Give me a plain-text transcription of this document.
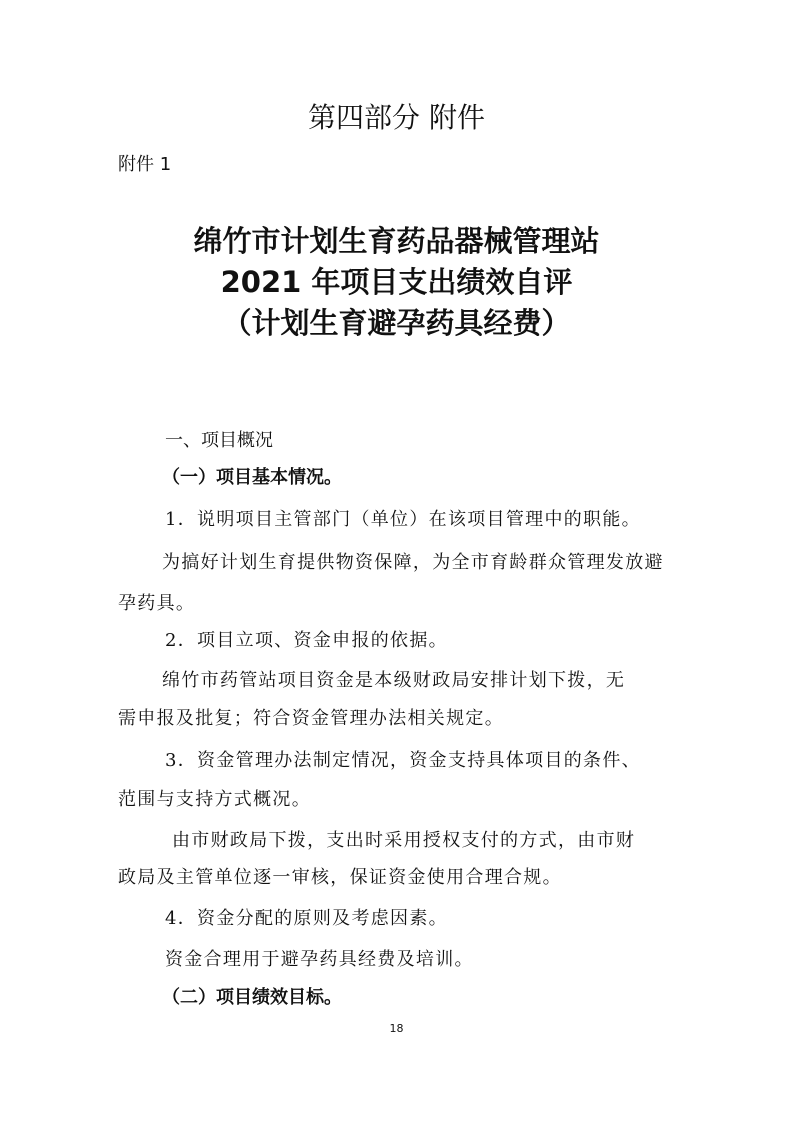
第四部分 附件
附件 1
绵竹市计划生育药品器械管理站
2021 年项目支出绩效自评
（计划生育避孕药具经费）
一、项目概况
（一）项目基本情况。
1．说明项目主管部门（单位）在该项目管理中的职能。
为搞好计划生育提供物资保障，为全市育龄群众管理发放避
孕药具。
2．项目立项、资金申报的依据。
绵竹市药管站项目资金是本级财政局安排计划下拨，无
需申报及批复；符合资金管理办法相关规定。
3．资金管理办法制定情况，资金支持具体项目的条件、
范围与支持方式概况。
由市财政局下拨，支出时采用授权支付的方式，由市财
政局及主管单位逐一审核，保证资金使用合理合规。
4．资金分配的原则及考虑因素。
资金合理用于避孕药具经费及培训。
（二）项目绩效目标。
18
